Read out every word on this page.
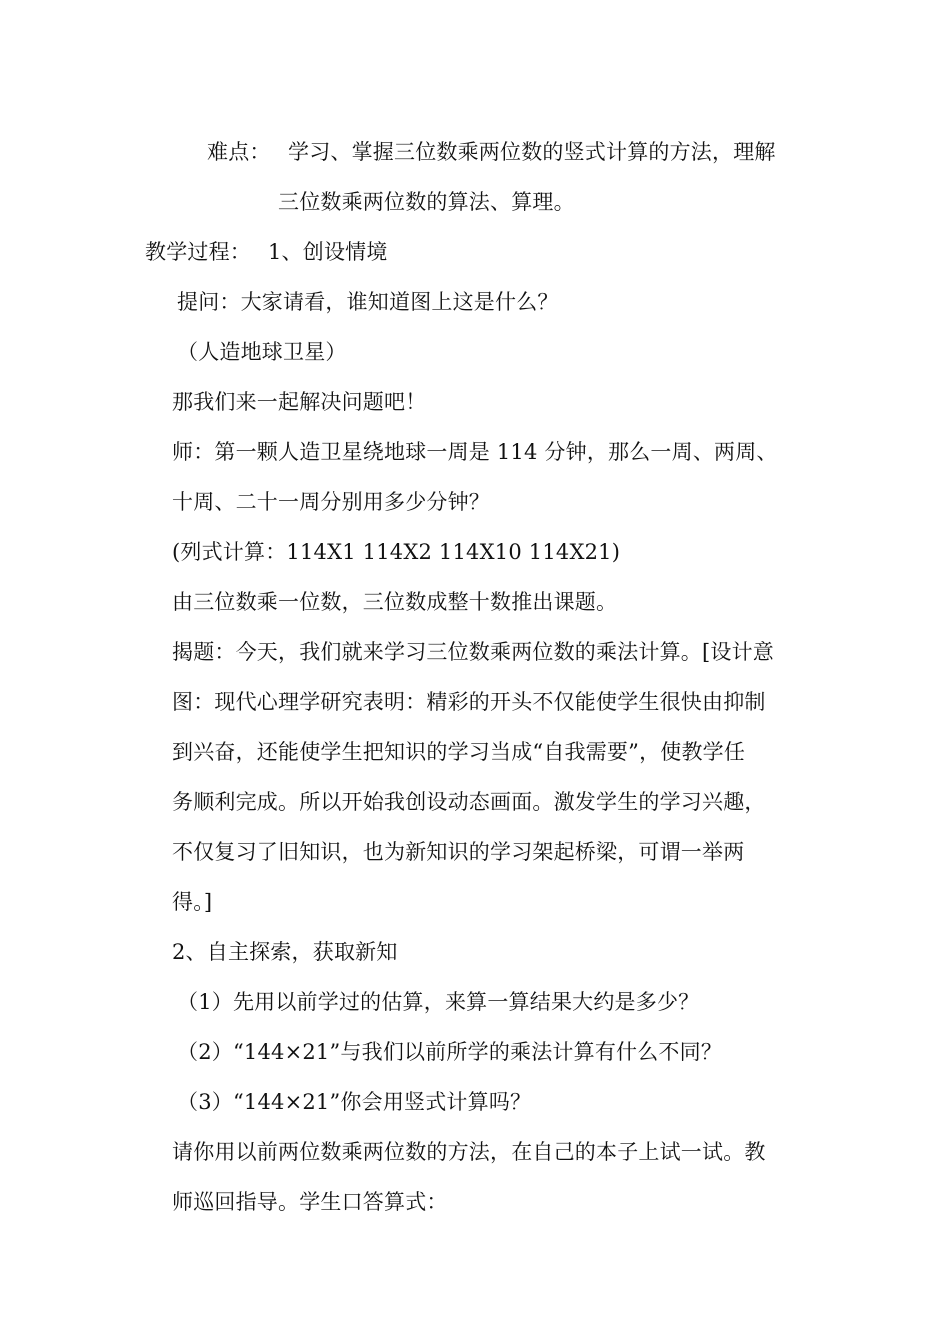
难点： 学习、掌握三位数乘两位数的竖式计算的方法，理解
三位数乘两位数的算法、算理。
教学过程： 1、创设情境
提问：大家请看，谁知道图上这是什么？
（人造地球卫星）
那我们来一起解决问题吧！
师：第一颗人造卫星绕地球一周是 114 分钟，那么一周、两周、
十周、二十一周分别用多少分钟？
(列式计算：114X1 114X2 114X10 114X21)
由三位数乘一位数，三位数成整十数推出课题。
揭题：今天，我们就来学习三位数乘两位数的乘法计算。[设计意
图：现代心理学研究表明：精彩的开头不仅能使学生很快由抑制
到兴奋，还能使学生把知识的学习当成“自我需要”，使教学任
务顺利完成。所以开始我创设动态画面。激发学生的学习兴趣，
不仅复习了旧知识，也为新知识的学习架起桥梁，可谓一举两
得。]
2、自主探索，获取新知
（1）先用以前学过的估算，来算一算结果大约是多少？
（2）“144×21”与我们以前所学的乘法计算有什么不同？
（3）“144×21”你会用竖式计算吗？
请你用以前两位数乘两位数的方法，在自己的本子上试一试。教
师巡回指导。学生口答算式：
